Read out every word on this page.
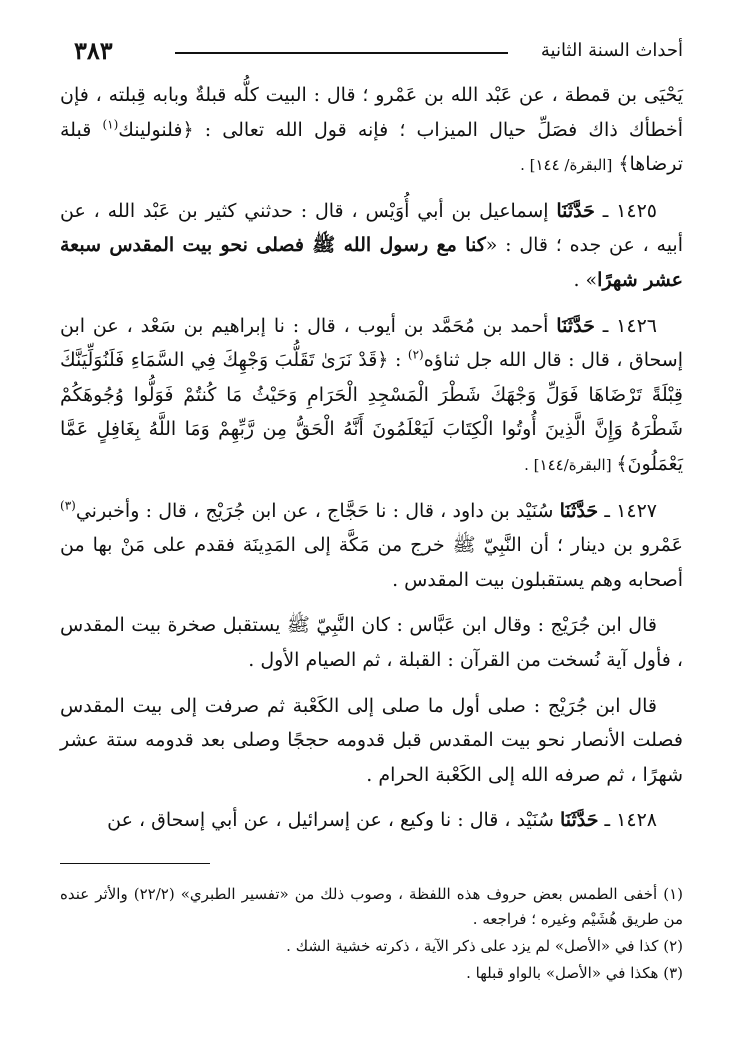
٣٨٣	أحداث السنة الثانية

يَحْيَى بن قمطة ، عن عَبْد الله بن عَمْرو ؛ قال : البيت كلُّه قبلةٌ وبابه قِبلته ، فإن أخطأك ذاك فصَلِّ حيال الميزاب ؛ فإنه قول الله تعالى : ﴿فلنولينك$^{(١)}$ قبلة ترضاها﴾ [البقرة/ ١٤٤] .

١٤٢٥ ـ حَدَّثَنَا إسماعيل بن أبي أُوَيْس ، قال : حدثني كثير بن عَبْد الله ، عن أبيه ، عن جده ؛ قال : «كنا مع رسول الله ﷺ فصلى نحو بيت المقدس سبعة عشر شهرًا» .

١٤٢٦ ـ حَدَّثَنَا أحمد بن مُحَمَّد بن أيوب ، قال : نا إبراهيم بن سَعْد ، عن ابن إسحاق ، قال : قال الله جل ثناؤه$^{(٢)}$ : ﴿قَدْ نَرَىٰ تَقَلُّبَ وَجْهِكَ فِي السَّمَاءِ فَلَنُوَلِّيَنَّكَ قِبْلَةً تَرْضَاهَا فَوَلِّ وَجْهَكَ شَطْرَ الْمَسْجِدِ الْحَرَامِ وَحَيْثُ مَا كُنتُمْ فَوَلُّوا وُجُوهَكُمْ شَطْرَهُ وَإِنَّ الَّذِينَ أُوتُوا الْكِتَابَ لَيَعْلَمُونَ أَنَّهُ الْحَقُّ مِن رَّبِّهِمْ وَمَا اللَّهُ بِغَافِلٍ عَمَّا يَعْمَلُونَ﴾ [البقرة/١٤٤] .

١٤٢٧ ـ حَدَّثَنَا سُنَيْد بن داود ، قال : نا حَجَّاج ، عن ابن جُرَيْج ، قال : وأخبرني$^{(٣)}$ عَمْرو بن دينار ؛ أن النَّبِيّ ﷺ خرج من مَكَّة إلى المَدِينَة فقدم على مَنْ بها من أصحابه وهم يستقبلون بيت المقدس .

قال ابن جُرَيْج : وقال ابن عَبَّاس : كان النَّبِيّ ﷺ يستقبل صخرة بيت المقدس ، فأول آية نُسخت من القرآن : القبلة ، ثم الصيام الأول .

قال ابن جُرَيْج : صلى أول ما صلى إلى الكَعْبة ثم صرفت إلى بيت المقدس فصلت الأنصار نحو بيت المقدس قبل قدومه حججًا وصلى بعد قدومه ستة عشر شهرًا ، ثم صرفه الله إلى الكَعْبة الحرام .

١٤٢٨ ـ حَدَّثَنَا سُنَيْد ، قال : نا وكيع ، عن إسرائيل ، عن أبي إسحاق ، عن

(١) أخفى الطمس بعض حروف هذه اللفظة ، وصوب ذلك من «تفسير الطبري» (٢٢/٢) والأثر عنده من طريق هُشَيْم وغيره ؛ فراجعه .

(٢) كذا في «الأصل» لم يزد على ذكر الآية ، ذكرته خشية الشك .

(٣) هكذا في «الأصل» بالواو قبلها .
